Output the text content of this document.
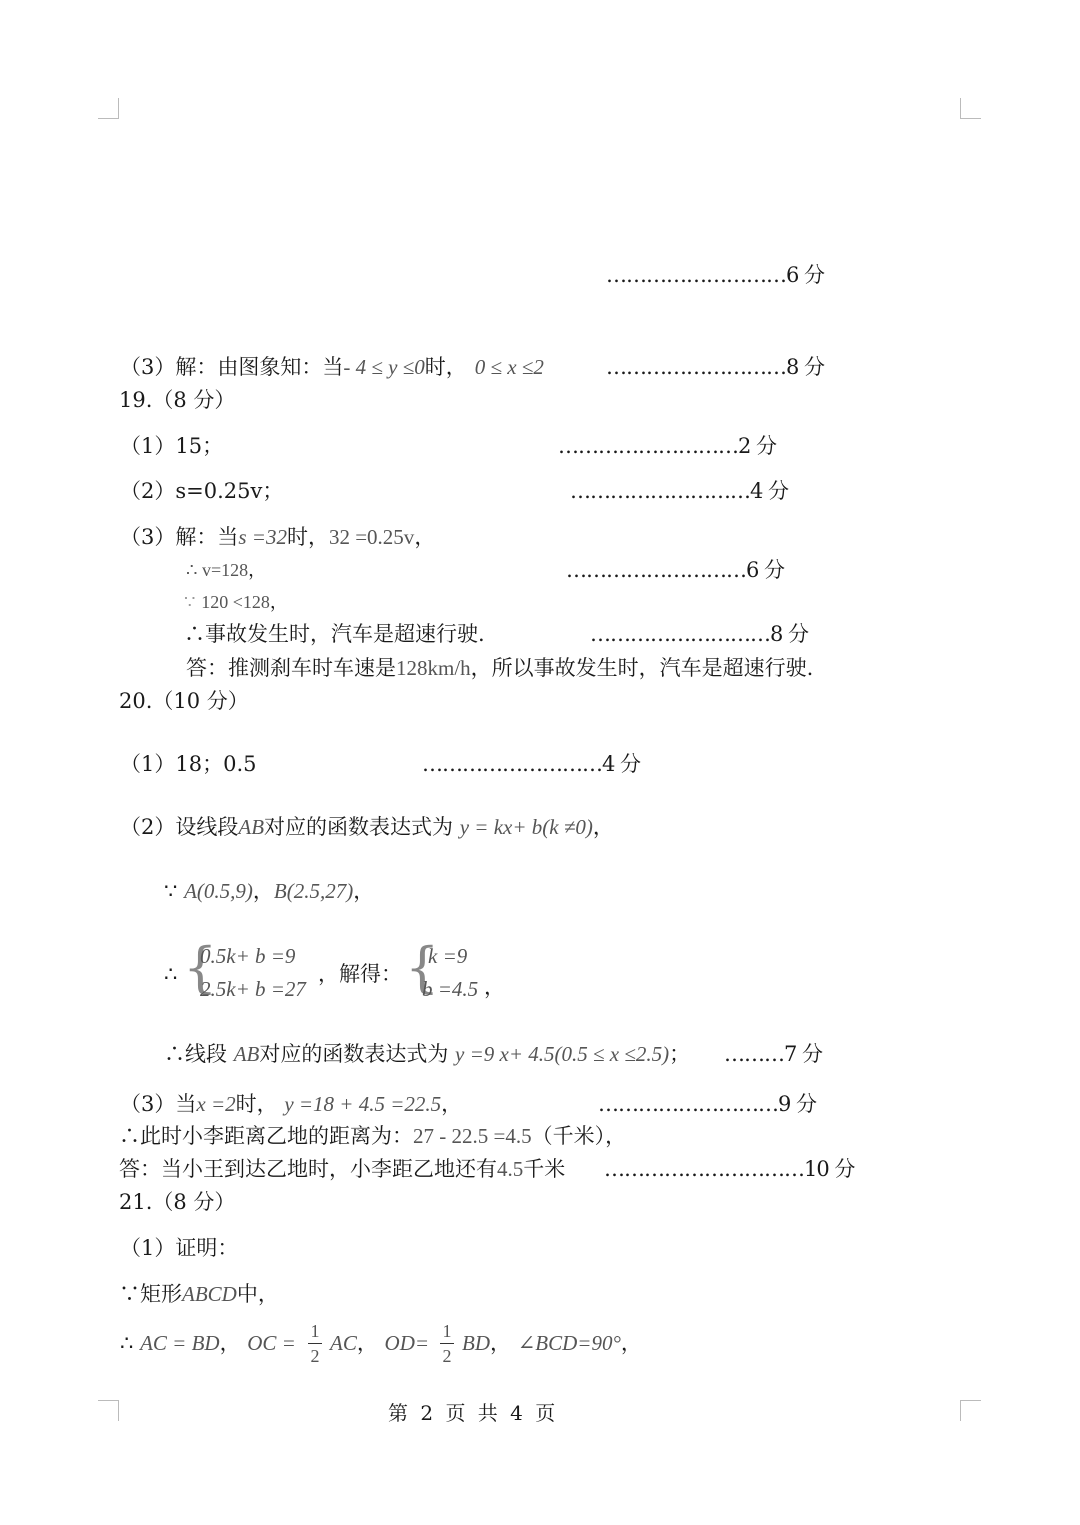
………………………6 分
（3）解：由图象知：当- 4 ≤ y ≤0时， 0 ≤ x ≤2	………………………8 分
19.（8 分）
（1）15；	………………………2 分
（2）s=0.25v；	………………………4 分
（3）解：当s =32时，32 =0.25v，
∴ v=128，	………………………6 分
∵ 120 <128，
∴事故发生时，汽车是超速行驶.	………………………8 分
答：推测刹车时车速是128km/h，所以事故发生时，汽车是超速行驶.
20.（10 分）
（1）18；0.5	………………………4 分
（2）设线段AB对应的函数表达式为 y = kx+ b(k ≠0)，
∵ A(0.5,9)，B(2.5,27)，
∴ {
0.5k+ b =9
2.5k+ b =27
，解得： {
k =9
b =4.5 ，
∴线段 AB对应的函数表达式为 y =9 x+ 4.5(0.5 ≤ x ≤2.5)； ………7 分
（3）当x =2时， y =18 + 4.5 =22.5，	………………………9 分
∴此时小李距离乙地的距离为：27 - 22.5 =4.5（千米），
答：当小王到达乙地时，小李距乙地还有4.5千米 …………………………10 分
21.（8 分）
（1）证明：
∵矩形ABCD中，
∴ AC = BD， OC = 1
2
AC， OD= 1
2
BD， ∠BCD=90°，
第 2 页 共 4 页
